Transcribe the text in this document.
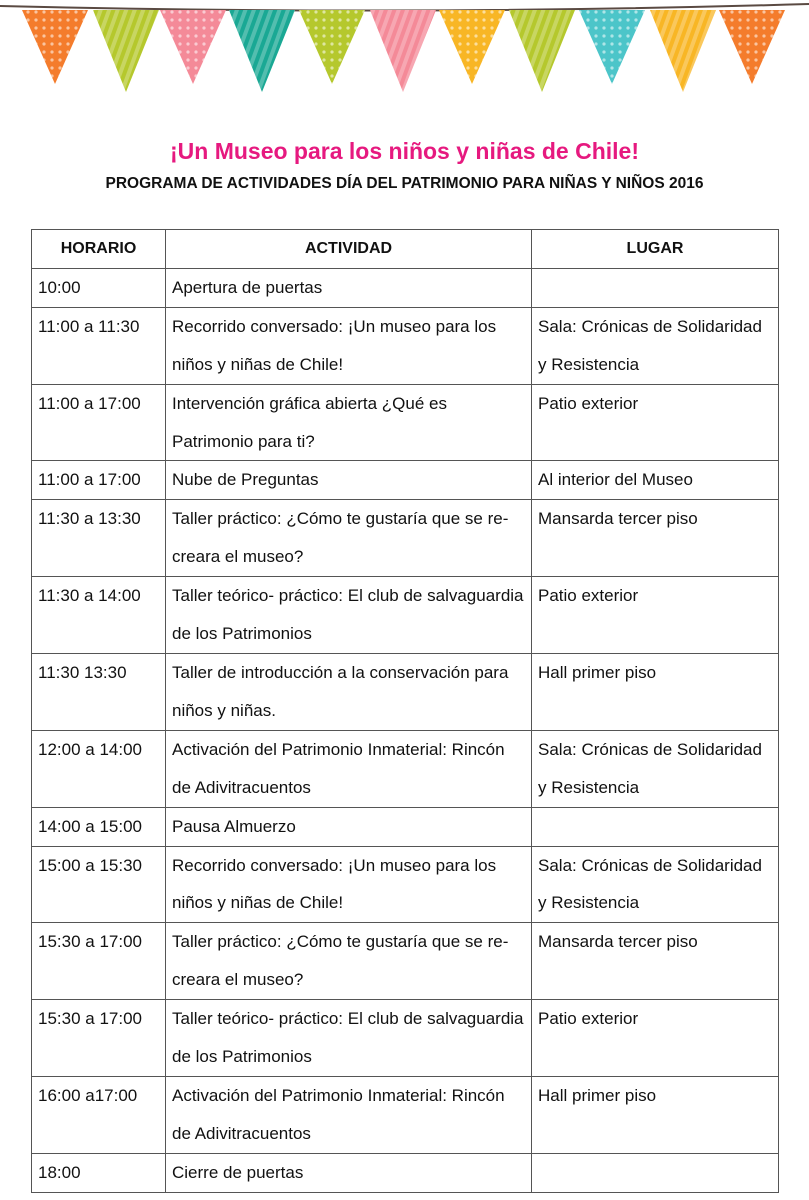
¡Un Museo para los niños y niñas de Chile!
PROGRAMA DE ACTIVIDADES DÍA DEL PATRIMONIO PARA NIÑAS Y NIÑOS 2016
HORARIO	ACTIVIDAD	LUGAR
10:00	Apertura de puertas	
11:00 a 11:30	Recorrido conversado: ¡Un museo para los niños y niñas de Chile!	Sala: Crónicas de Solidaridad y Resistencia
11:00 a 17:00	Intervención gráfica abierta ¿Qué es Patrimonio para ti?	Patio exterior
11:00 a 17:00	Nube de Preguntas	Al interior del Museo
11:30 a 13:30	Taller práctico: ¿Cómo te gustaría que se re- creara el museo?	Mansarda tercer piso
11:30 a 14:00	Taller teórico- práctico: El club de salvaguardia de los Patrimonios	Patio exterior
11:30 13:30	Taller de introducción a la conservación para niños y niñas.	Hall primer piso
12:00 a 14:00	Activación del Patrimonio Inmaterial: Rincón de Adivitracuentos	Sala: Crónicas de Solidaridad y Resistencia
14:00 a 15:00	Pausa Almuerzo	
15:00 a 15:30	Recorrido conversado: ¡Un museo para los niños y niñas de Chile!	Sala: Crónicas de Solidaridad y Resistencia
15:30 a 17:00	Taller práctico: ¿Cómo te gustaría que se re-creara el museo?	Mansarda tercer piso
15:30 a 17:00	Taller teórico- práctico: El club de salvaguardia de los Patrimonios	Patio exterior
16:00 a17:00	Activación del Patrimonio Inmaterial: Rincón de Adivitracuentos	Hall primer piso
18:00	Cierre de puertas	
